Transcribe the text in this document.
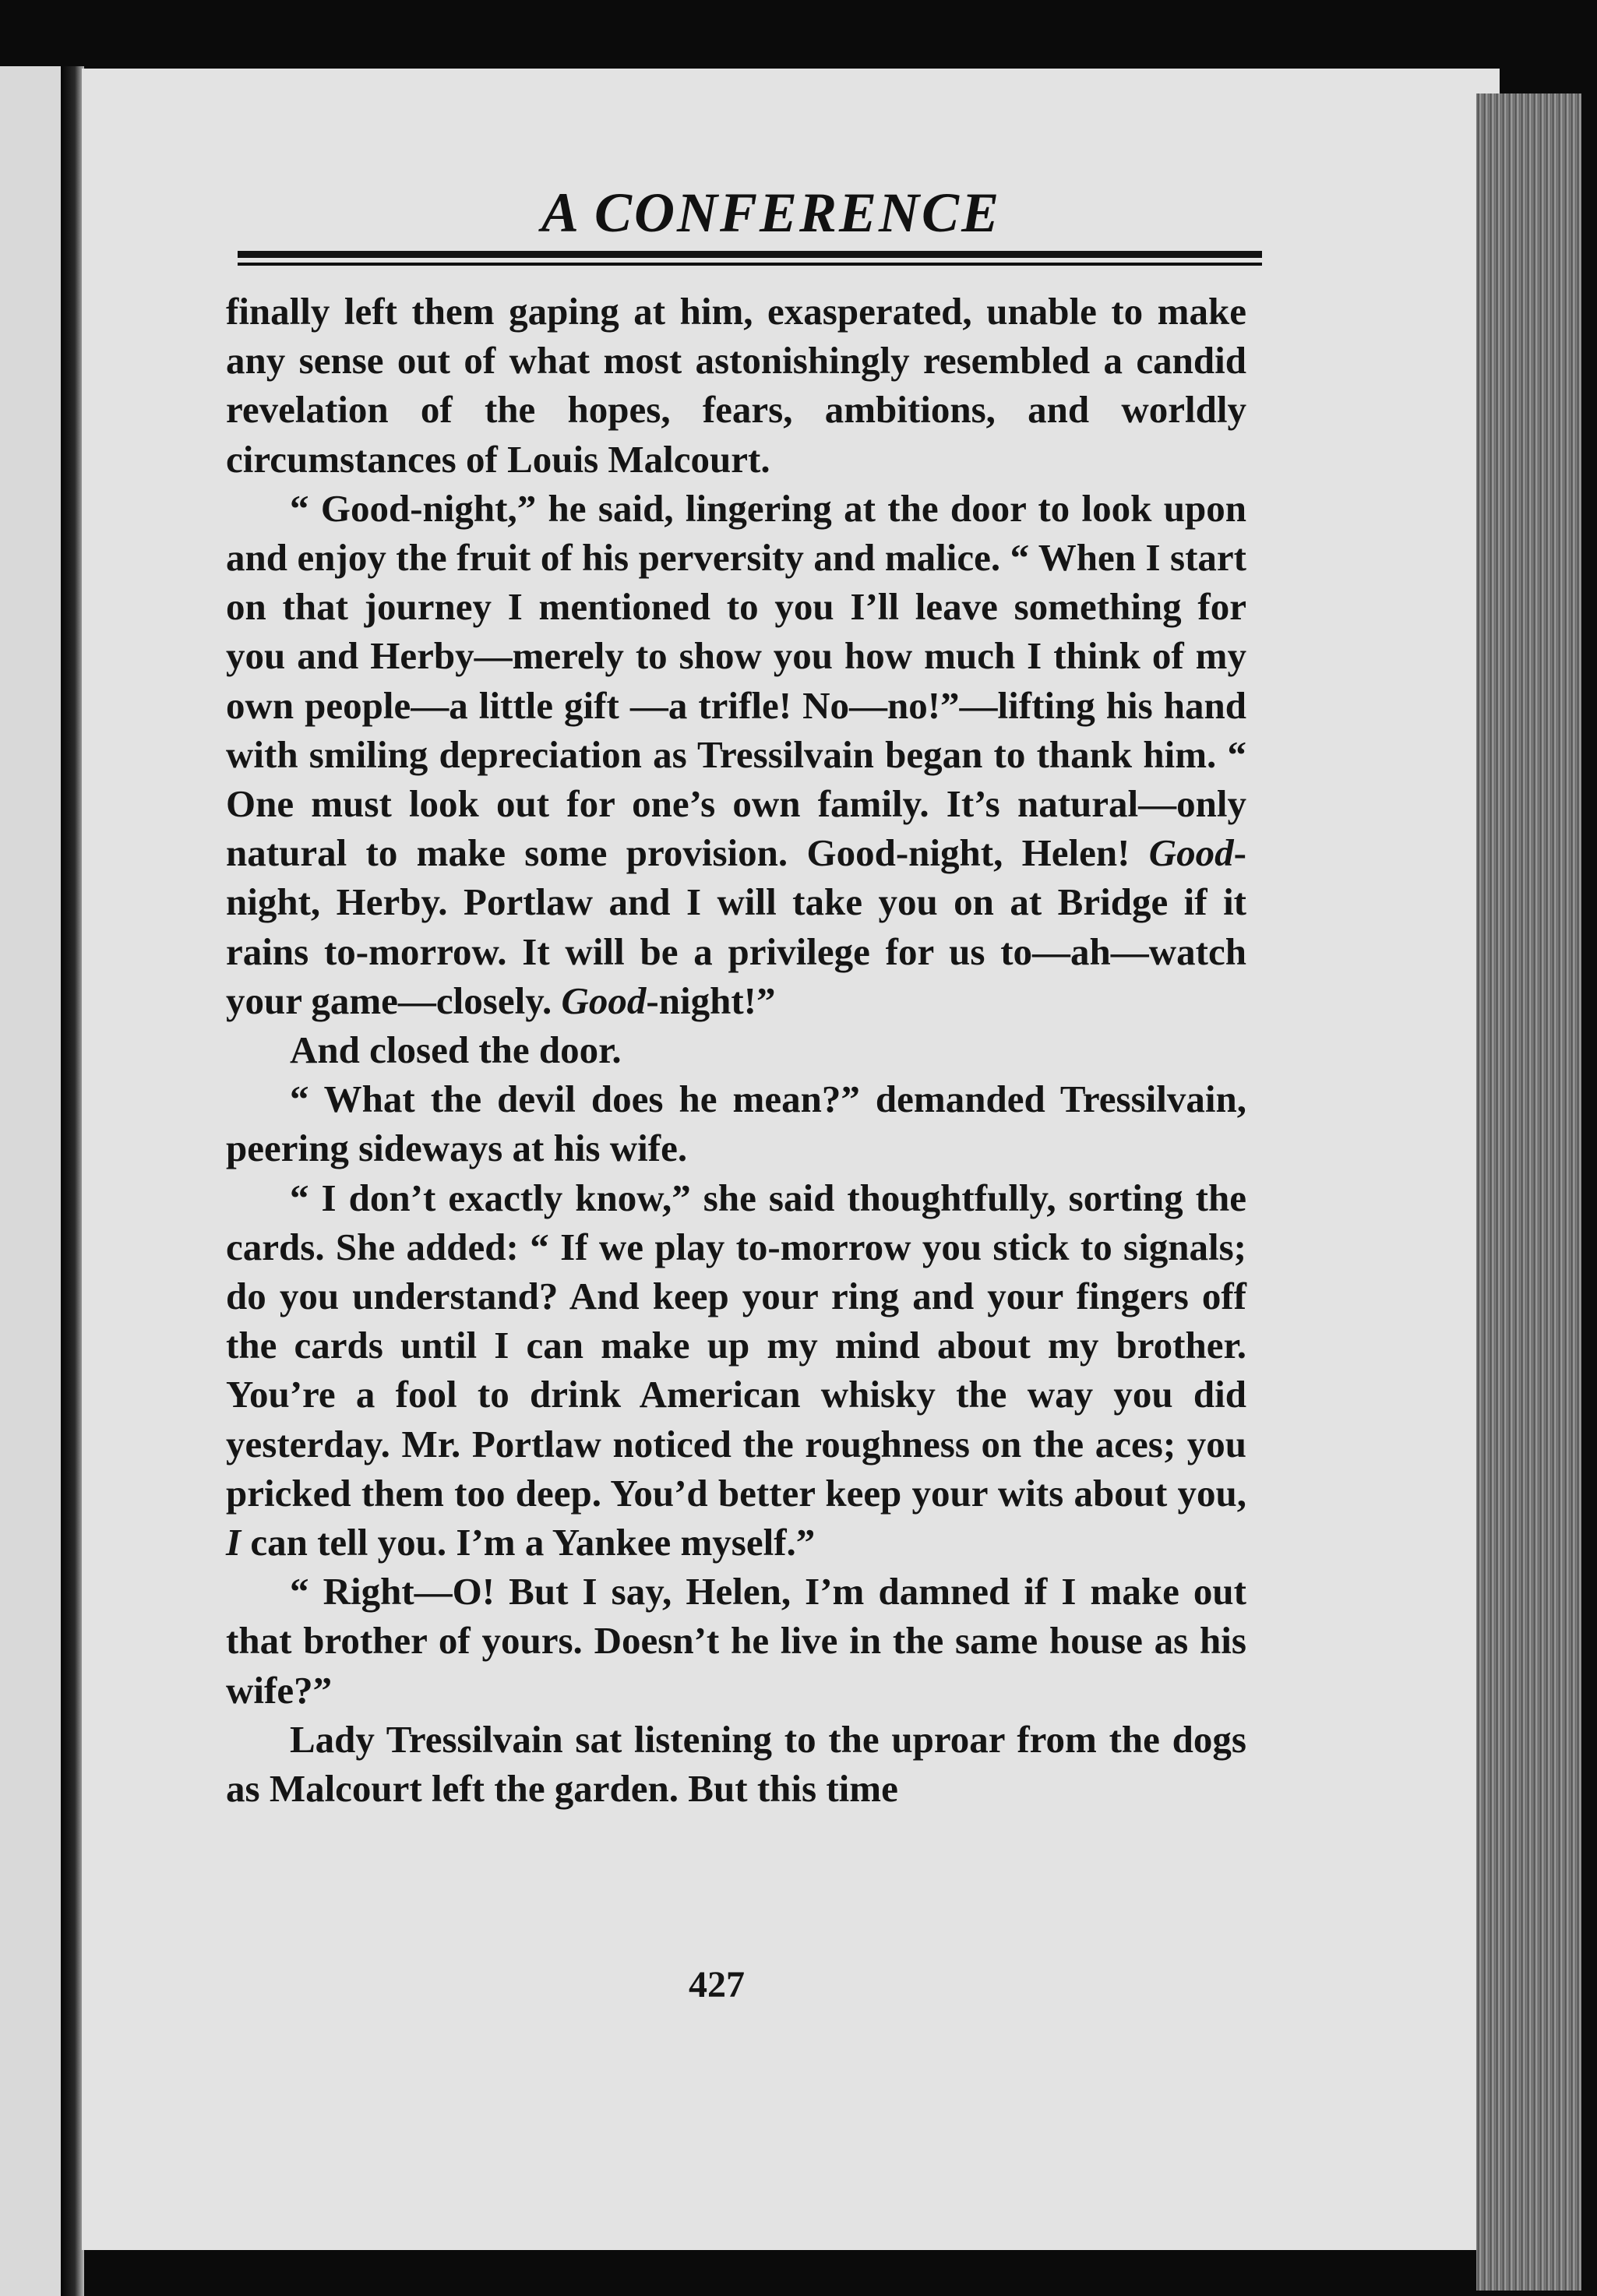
A CONFERENCE

finally left them gaping at him, exasperated, unable to make any sense out of what most astonishingly resembled a candid revelation of the hopes, fears, ambitions, and worldly circumstances of Louis Malcourt.

“ Good-night,” he said, lingering at the door to look upon and enjoy the fruit of his perversity and malice. “ When I start on that journey I mentioned to you I’ll leave something for you and Herby—merely to show you how much I think of my own people—a little gift —a trifle! No—no!”—lifting his hand with smiling depreciation as Tressilvain began to thank him. “ One must look out for one’s own family. It’s natural—only natural to make some provision. Good-night, Helen! Good-night, Herby. Portlaw and I will take you on at Bridge if it rains to-morrow. It will be a privilege for us to—ah—watch your game—closely. Good-night!”

And closed the door.

“ What the devil does he mean?” demanded Tressilvain, peering sideways at his wife.

“ I don’t exactly know,” she said thoughtfully, sorting the cards. She added: “ If we play to-morrow you stick to signals; do you understand? And keep your ring and your fingers off the cards until I can make up my mind about my brother. You’re a fool to drink American whisky the way you did yesterday. Mr. Portlaw noticed the roughness on the aces; you pricked them too deep. You’d better keep your wits about you, I can tell you. I’m a Yankee myself.”

“ Right—O! But I say, Helen, I’m damned if I make out that brother of yours. Doesn’t he live in the same house as his wife?”

Lady Tressilvain sat listening to the uproar from the dogs as Malcourt left the garden. But this time

427
